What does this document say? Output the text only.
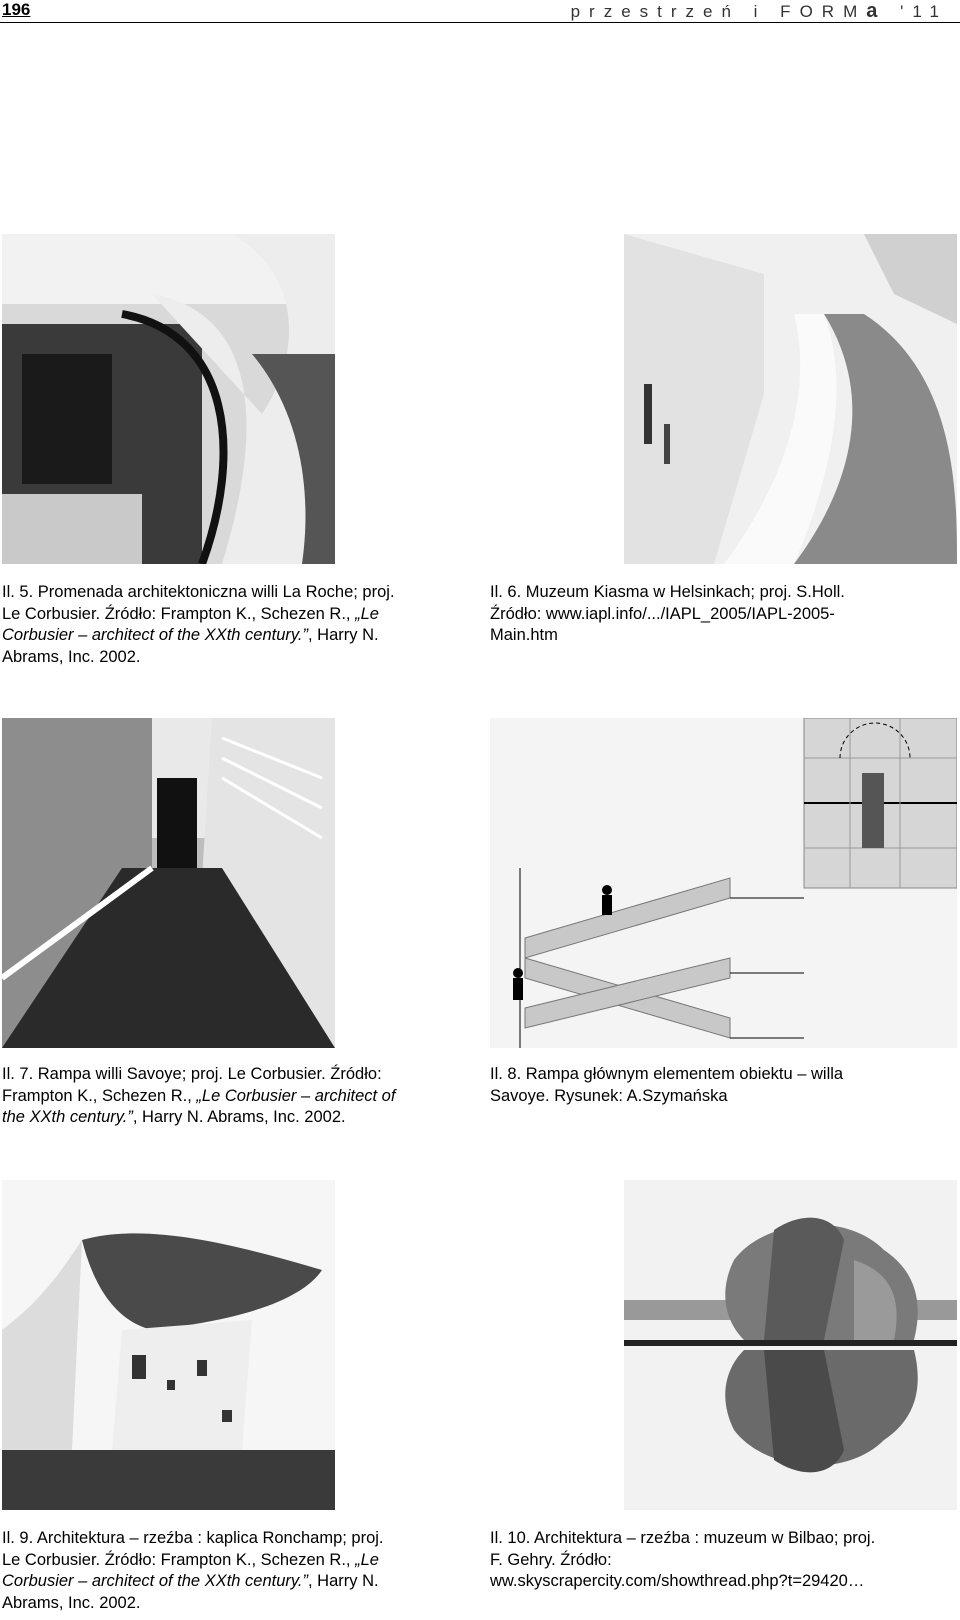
196	przestrzeń i FORMa '11
Il. 5. Promenada architektoniczna willi La Roche; proj.
Le Corbusier. Źródło: Frampton K., Schezen R., „Le
Corbusier – architect of the XXth century.”, Harry N.
Abrams, Inc. 2002.
Il. 6. Muzeum Kiasma w Helsinkach; proj. S.Holl.
Źródło: www.iapl.info/.../IAPL_2005/IAPL-2005-
Main.htm
Il. 7. Rampa willi Savoye; proj. Le Corbusier. Źródło:
Frampton K., Schezen R., „Le Corbusier – architect of
the XXth century.”, Harry N. Abrams, Inc. 2002.
Il. 8. Rampa głównym elementem obiektu – willa
Savoye. Rysunek: A.Szymańska
Il. 9. Architektura – rzeźba : kaplica Ronchamp; proj.
Le Corbusier. Źródło: Frampton K., Schezen R., „Le
Corbusier – architect of the XXth century.”, Harry N.
Abrams, Inc. 2002.
Il. 10. Architektura – rzeźba : muzeum w Bilbao; proj.
F. Gehry. Źródło:
ww.skyscrapercity.com/showthread.php?t=29420…
